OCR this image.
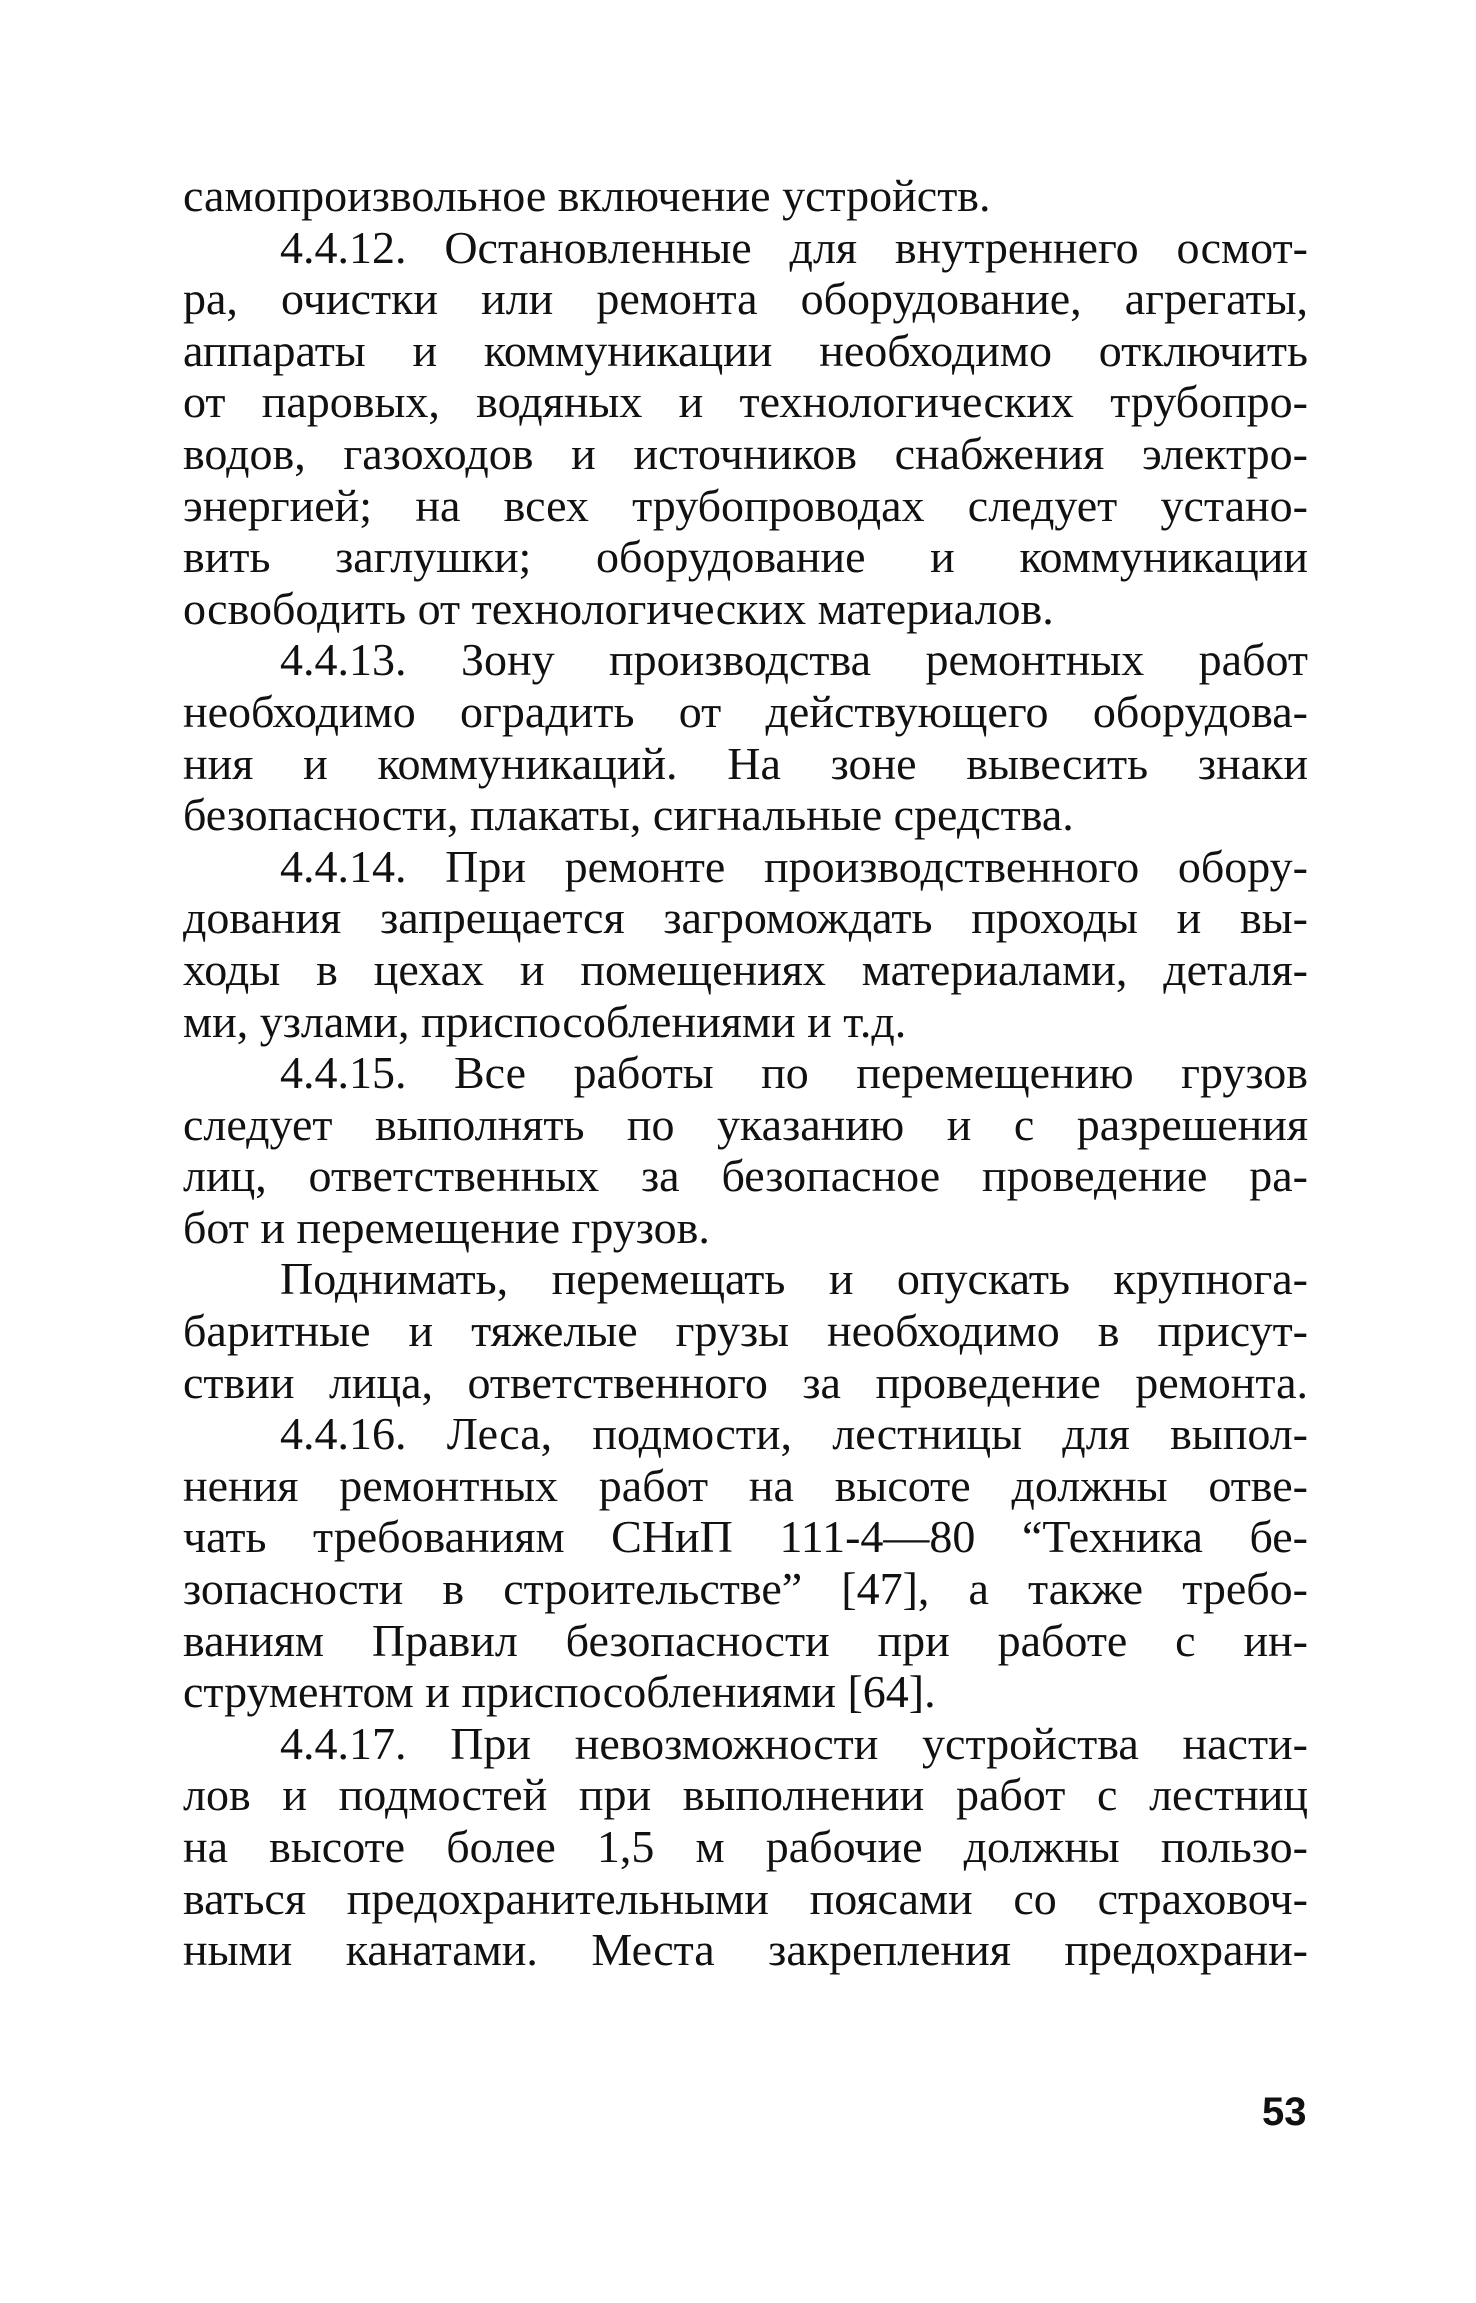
самопроизвольное включение устройств.
4.4.12. Остановленные для внутреннего осмот-
ра, очистки или ремонта оборудование, агрегаты,
аппараты и коммуникации необходимо отключить
от паровых, водяных и технологических трубопро-
водов, газоходов и источников снабжения электро-
энергией; на всех трубопроводах следует устано-
вить заглушки; оборудование и коммуникации
освободить от технологических материалов.
4.4.13. Зону производства ремонтных работ
необходимо оградить от действующего оборудова-
ния и коммуникаций. На зоне вывесить знаки
безопасности, плакаты, сигнальные средства.
4.4.14. При ремонте производственного обору-
дования запрещается загромождать проходы и вы-
ходы в цехах и помещениях материалами, деталя-
ми, узлами, приспособлениями и т.д.
4.4.15. Все работы по перемещению грузов
следует выполнять по указанию и с разрешения
лиц, ответственных за безопасное проведение ра-
бот и перемещение грузов.
Поднимать, перемещать и опускать крупнога-
баритные и тяжелые грузы необходимо в присут-
ствии лица, ответственного за проведение ремонта.
4.4.16. Леса, подмости, лестницы для выпол-
нения ремонтных работ на высоте должны отве-
чать требованиям СНиП 111-4—80 “Техника бе-
зопасности в строительстве” [47], а также требо-
ваниям Правил безопасности при работе с ин-
струментом и приспособлениями [64].
4.4.17. При невозможности устройства насти-
лов и подмостей при выполнении работ с лестниц
на высоте более 1,5 м рабочие должны пользо-
ваться предохранительными поясами со страховоч-
ными канатами. Места закрепления предохрани-
53
